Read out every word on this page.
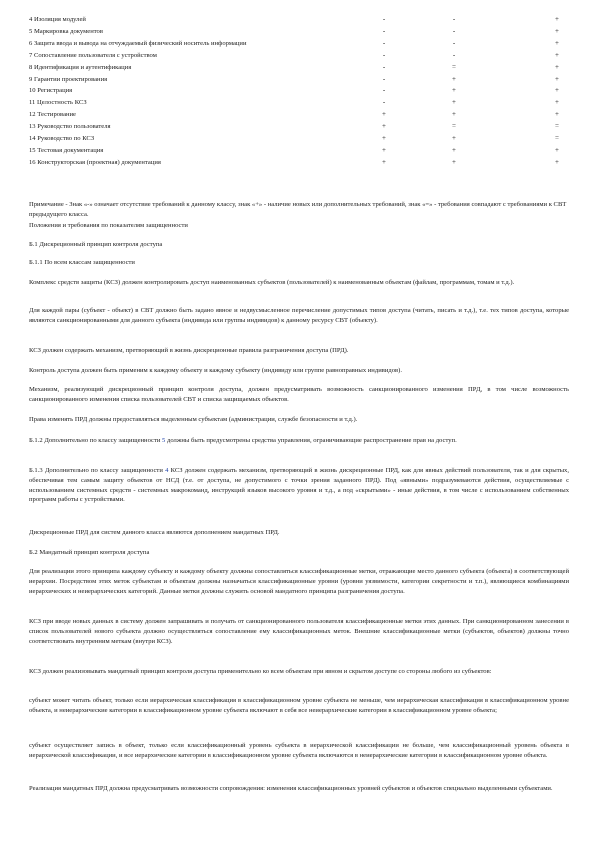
4 Изоляция модулей	-	-	+
5 Маркировка документов	-	-	+
6 Защита ввода и вывода на отчуждаемый физический носитель информации	-	-	+
7 Сопоставление пользователя с устройством	-	-	+
8 Идентификация и аутентификация	-	=	+
9 Гарантии проектирования	-	+	+
10 Регистрация	-	+	+
11 Целостность КСЗ	-	+	+
12 Тестирование	+	+	+
13 Руководство пользователя	+	=	=
14 Руководство по КСЗ	+	+	=
15 Тестовая документация	+	+	+
16 Конструкторская (проектная) документация	+	+	+

Примечание - Знак «-» означает отсутствие требований к данному классу, знак «+» - наличие новых или дополнительных требований, знак «=» - требования совпадают с требованиями к СВТ предыдущего класса.

Положения и требования по показателям защищенности

Б.1 Дискреционный принцип контроля доступа

Б.1.1 По всем классам защищенности

Комплекс средств защиты (КСЗ) должен контролировать доступ наименованных субъектов (пользователей) к наименованным объектам (файлам, программам, томам и т.д.).

Для каждой пары (субъект - объект) в СВТ должно быть задано явное и недвусмысленное перечисление допустимых типов доступа (читать, писать и т.д.), т.е. тех типов доступа, которые являются санкционированными для данного субъекта (индивида или группы индивидов) к данному ресурсу СВТ (объекту).

КСЗ должен содержать механизм, претворяющий в жизнь дискреционные правила разграничения доступа (ПРД).

Контроль доступа должен быть применим к каждому объекту и каждому субъекту (индивиду или группе равноправных индивидов).

Механизм, реализующий дискреционный принцип контроля доступа, должен предусматривать возможность санкционированного изменения ПРД, в том числе возможность санкционированного изменения списка пользователей СВТ и списка защищаемых объектов.

Права изменять ПРД должны предоставляться выделенным субъектам (администрации, службе безопасности и т.д.).

Б.1.2 Дополнительно по классу защищенности 5 должны быть предусмотрены средства управления, ограничивающие распространение прав на доступ.

Б.1.3 Дополнительно по классу защищенности 4 КСЗ должен содержать механизм, претворяющий в жизнь дискреционные ПРД, как для явных действий пользователя, так и для скрытых, обеспечивая тем самым защиту объектов от НСД (т.е. от доступа, не допустимого с точки зрения заданного ПРД). Под «явными» подразумеваются действия, осуществляемые с использованием системных средств - системных макрокоманд, инструкций языков высокого уровня и т.д., а под «скрытыми» - иные действия, в том числе с использованием собственных программ работы с устройствами.

Дискреционные ПРД для систем данного класса являются дополнением мандатных ПРД.

Б.2 Мандатный принцип контроля доступа

Для реализации этого принципа каждому субъекту и каждому объекту должны сопоставляться классификационные метки, отражающие место данного субъекта (объекта) в соответствующей иерархии. Посредством этих меток субъектам и объектам должны назначаться классификационные уровни (уровни уязвимости, категории секретности и т.п.), являющиеся комбинациями иерархических и неиерархических категорий. Данные метки должны служить основой мандатного принципа разграничения доступа.

КСЗ при вводе новых данных в систему должен запрашивать и получать от санкционированного пользователя классификационные метки этих данных. При санкционированном занесении в список пользователей нового субъекта должно осуществляться сопоставление ему классификационных меток. Внешние классификационные метки (субъектов, объектов) должны точно соответствовать внутренним меткам (внутри КСЗ).

КСЗ должен реализовывать мандатный принцип контроля доступа применительно ко всем объектам при явном и скрытом доступе со стороны любого из субъектов:

субъект может читать объект, только если иерархическая классификация в классификационном уровне субъекта не меньше, чем иерархическая классификация в классификационном уровне объекта, и неиерархические категории в классификационном уровне субъекта включают в себя все неиерархические категории в классификационном уровне объекта;

субъект осуществляет запись в объект, только если классификационный уровень субъекта в иерархической классификации не больше, чем классификационный уровень объекта в иерархической классификации, и все иерархические категории в классификационном уровне субъекта включаются в неиерархические категории в классификационном уровне объекта.

Реализация мандатных ПРД должна предусматривать возможности сопровождения: изменения классификационных уровней субъектов и объектов специально выделенными субъектами.
